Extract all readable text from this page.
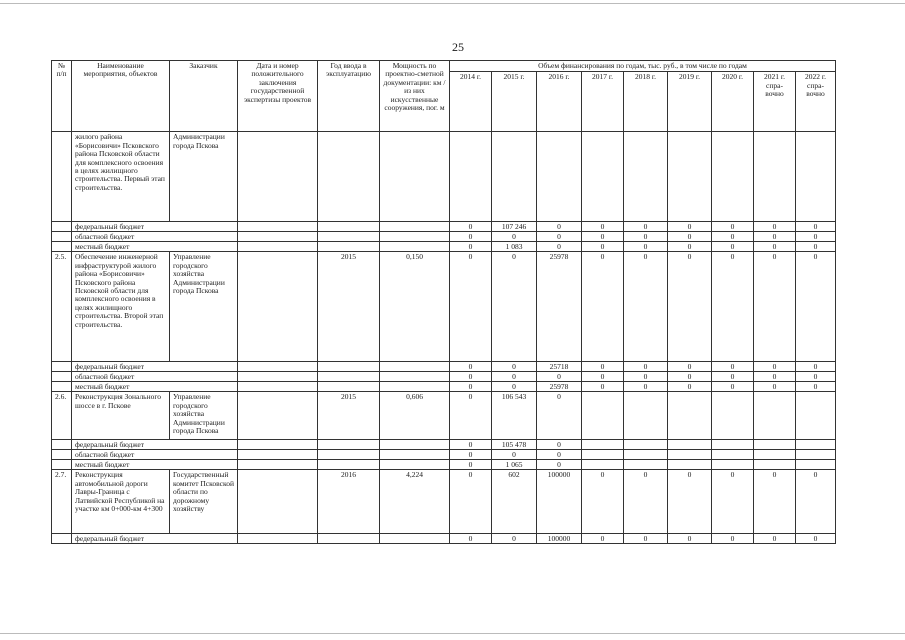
25
№ п/п	Наименование мероприятия, объектов	Заказчик	Дата и номер положительного заключения государственной экспертизы проектов	Год ввода в эксплуатацию	Мощность по проектно-сметной документации: км / из них искусственные сооружения, пог. м	Объем финансирования по годам, тыс. руб., в том числе по годам								
						2014 г.	2015 г.	2016 г.	2017 г.	2018 г.	2019 г.	2020 г.	2021 г. спра-вочно	2022 г. спра-вочно
	жилого района «Борисовичи» Псковского района Псковской области для комплексного освоения в целях жилищного строительства. Первый этап строительства.	Администрации города Пскова												
	федеральный бюджет					0	107 246	0	0	0	0	0	0	0
	областной бюджет					0	0	0	0	0	0	0	0	0
	местный бюджет					0	1 083	0	0	0	0	0	0	0
2.5.	Обеспечение инженерной инфраструктурой жилого района «Борисовичи» Псковского района Псковской области для комплексного освоения в целях жилищного строительства. Второй этап строительства.	Управление городского хозяйства Администрации города Пскова		2015	0,150	0	0	25978	0	0	0	0	0	0
	федеральный бюджет					0	0	25718	0	0	0	0	0	0
	областной бюджет					0	0	0	0	0	0	0	0	0
	местный бюджет					0	0	25978	0	0	0	0	0	0
2.6.	Реконструкция Зонального шоссе в г. Пскове	Управление городского хозяйства Администрации города Пскова		2015	0,606	0	106 543	0						
	федеральный бюджет					0	105 478	0						
	областной бюджет					0	0	0						
	местный бюджет					0	1 065	0						
2.7.	Реконструкция автомобильной дороги Лавры-Граница с Латвийской Республикой на участке км 0+000-км 4+300	Государственный комитет Псковской области по дорожному хозяйству		2016	4,224	0	602	100000	0	0	0	0	0	0
	федеральный бюджет					0	0	100000	0	0	0	0	0	0
